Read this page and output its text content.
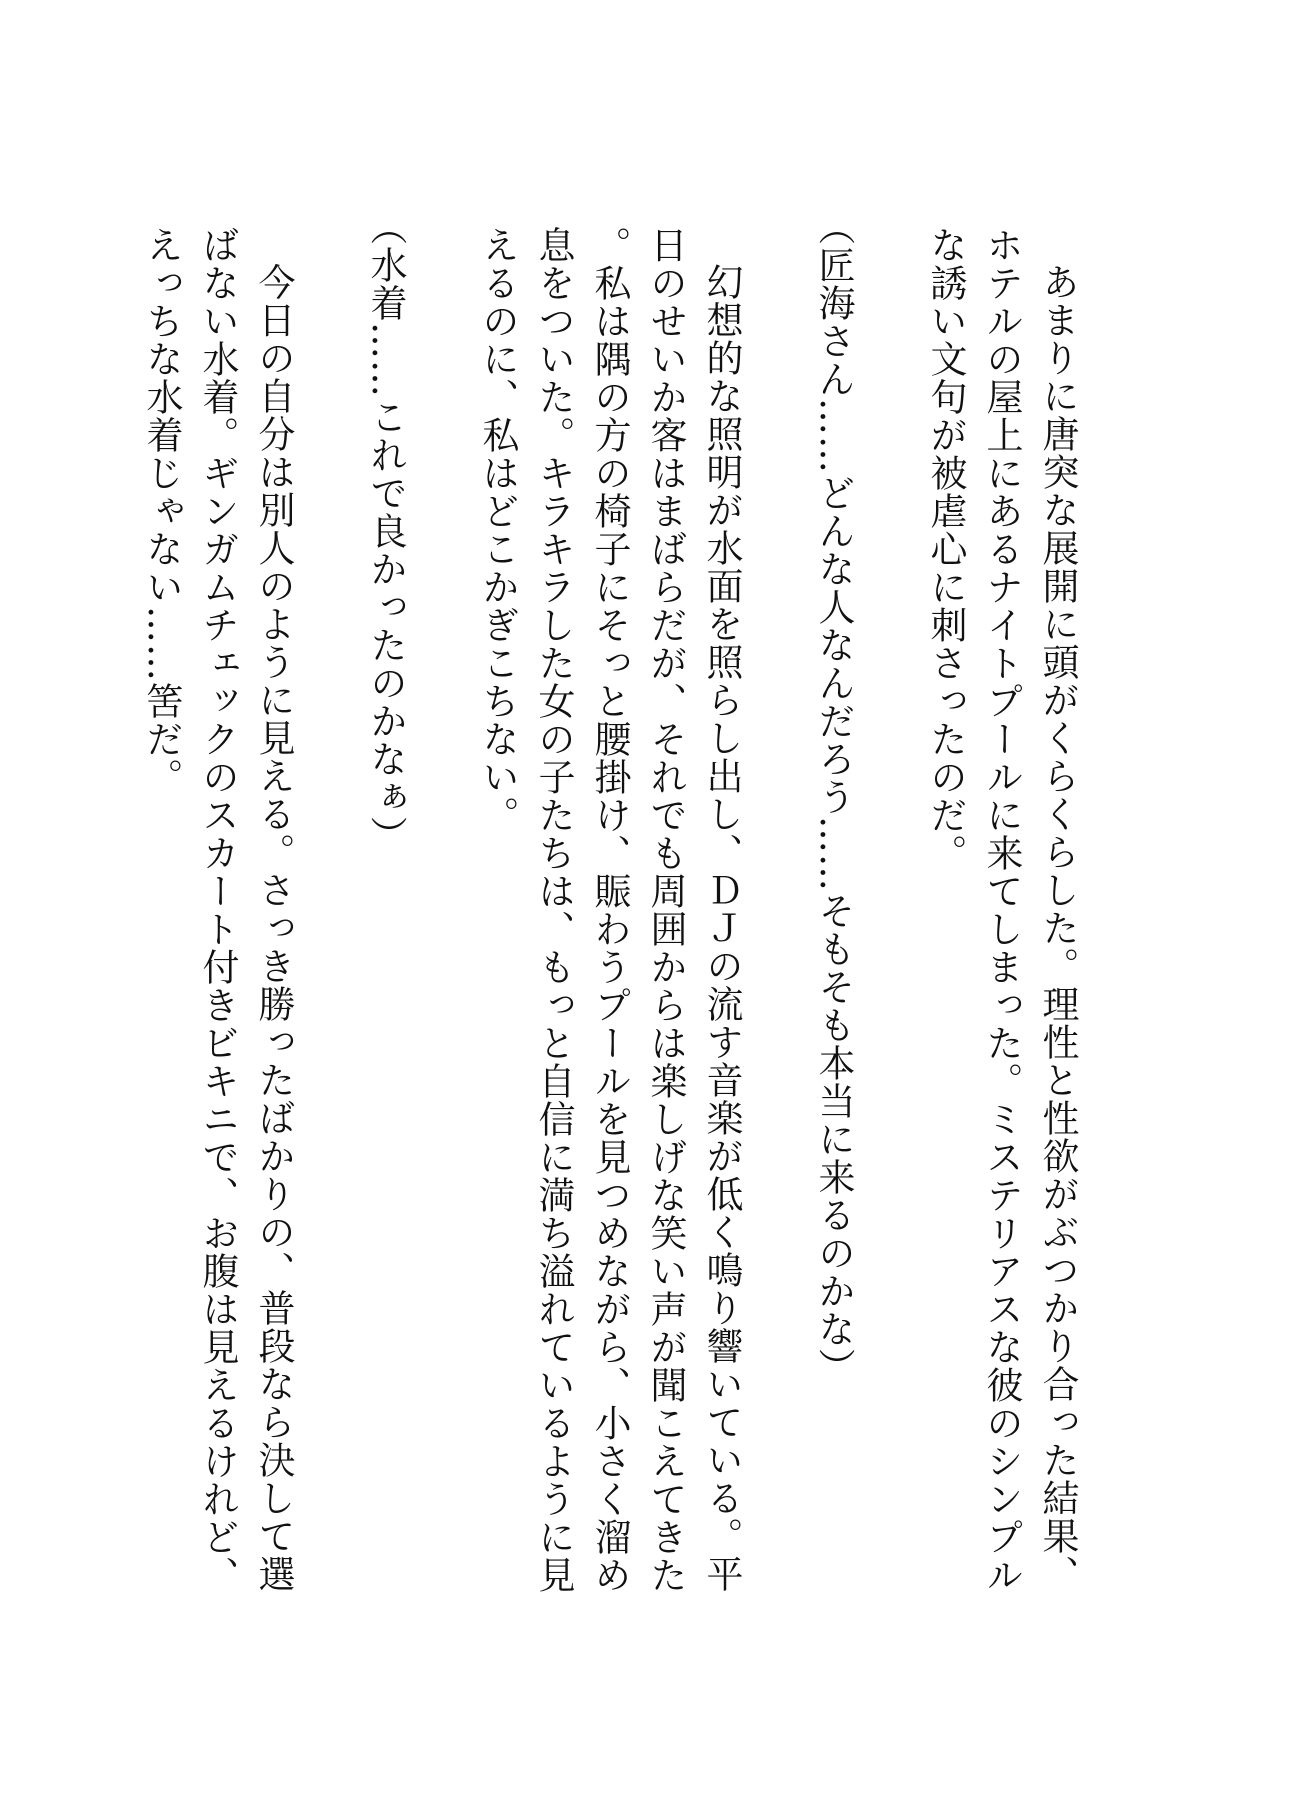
あまりに唐突な展開に頭がくらくらした。理性と性欲がぶつかり合った結果、ホテルの屋上にあるナイトプールに来てしまった。ミステリアスな彼のシンプルな誘い文句が被虐心に刺さったのだ。

（匠海さん……どんな人なんだろう……そもそも本当に来るのかな）

幻想的な照明が水面を照らし出し、ＤＪの流す音楽が低く鳴り響いている。平日のせいか客はまばらだが、それでも周囲からは楽しげな笑い声が聞こえてきた。私は隅の方の椅子にそっと腰掛け、賑わうプールを見つめながら、小さく溜め息をついた。キラキラした女の子たちは、もっと自信に満ち溢れているように見えるのに、私はどこかぎこちない。

（水着……これで良かったのかなぁ）

今日の自分は別人のように見える。さっき勝ったばかりの、普段なら決して選ばない水着。ギンガムチェックのスカート付きビキニで、お腹は見えるけれど、えっちな水着じゃない……筈だ。
